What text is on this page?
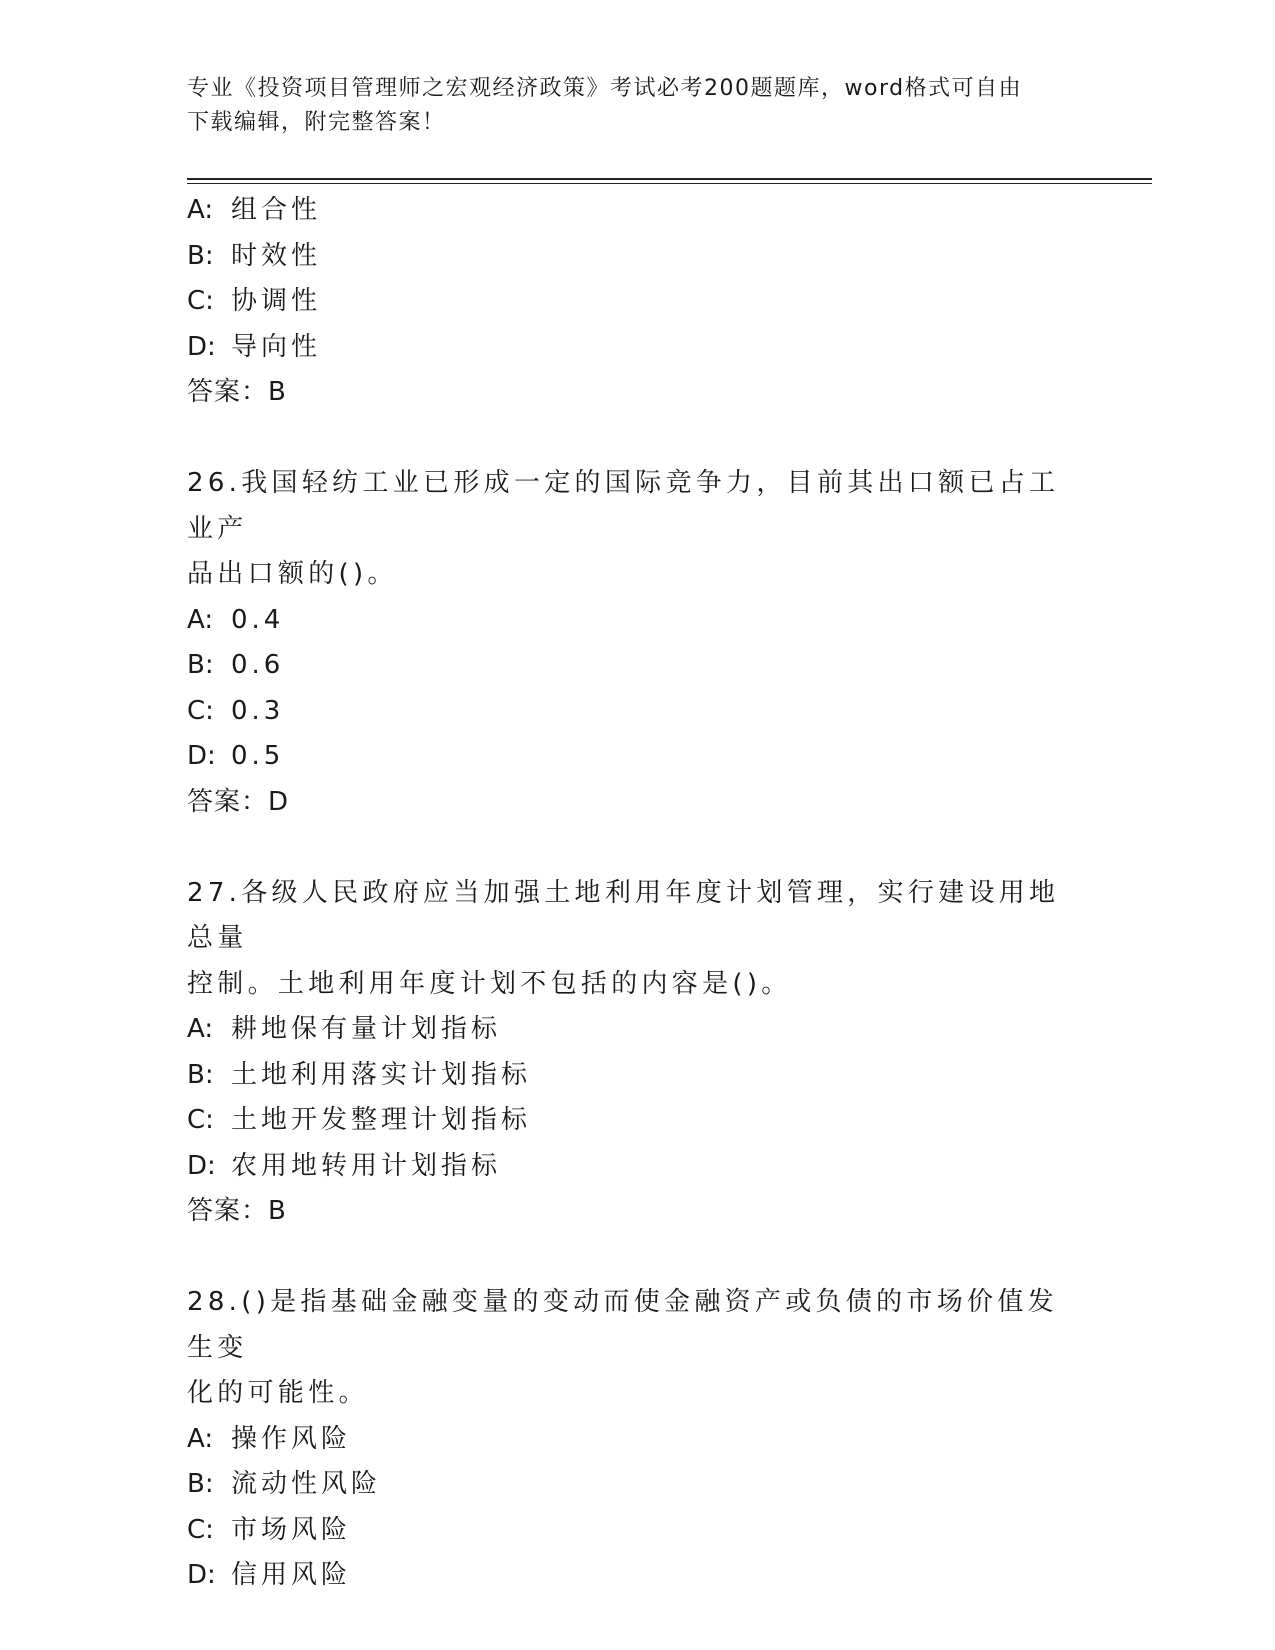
专业《投资项目管理师之宏观经济政策》考试必考200题题库，word格式可自由
下载编辑，附完整答案！
A: 组合性
B: 时效性
C: 协调性
D: 导向性
答案：B
26.我国轻纺工业已形成一定的国际竞争力，目前其出口额已占工业产
品出口额的()。
A: 0.4
B: 0.6
C: 0.3
D: 0.5
答案：D
27.各级人民政府应当加强土地利用年度计划管理，实行建设用地总量
控制。土地利用年度计划不包括的内容是()。
A: 耕地保有量计划指标
B: 土地利用落实计划指标
C: 土地开发整理计划指标
D: 农用地转用计划指标
答案：B
28.()是指基础金融变量的变动而使金融资产或负债的市场价值发生变
化的可能性。
A: 操作风险
B: 流动性风险
C: 市场风险
D: 信用风险
